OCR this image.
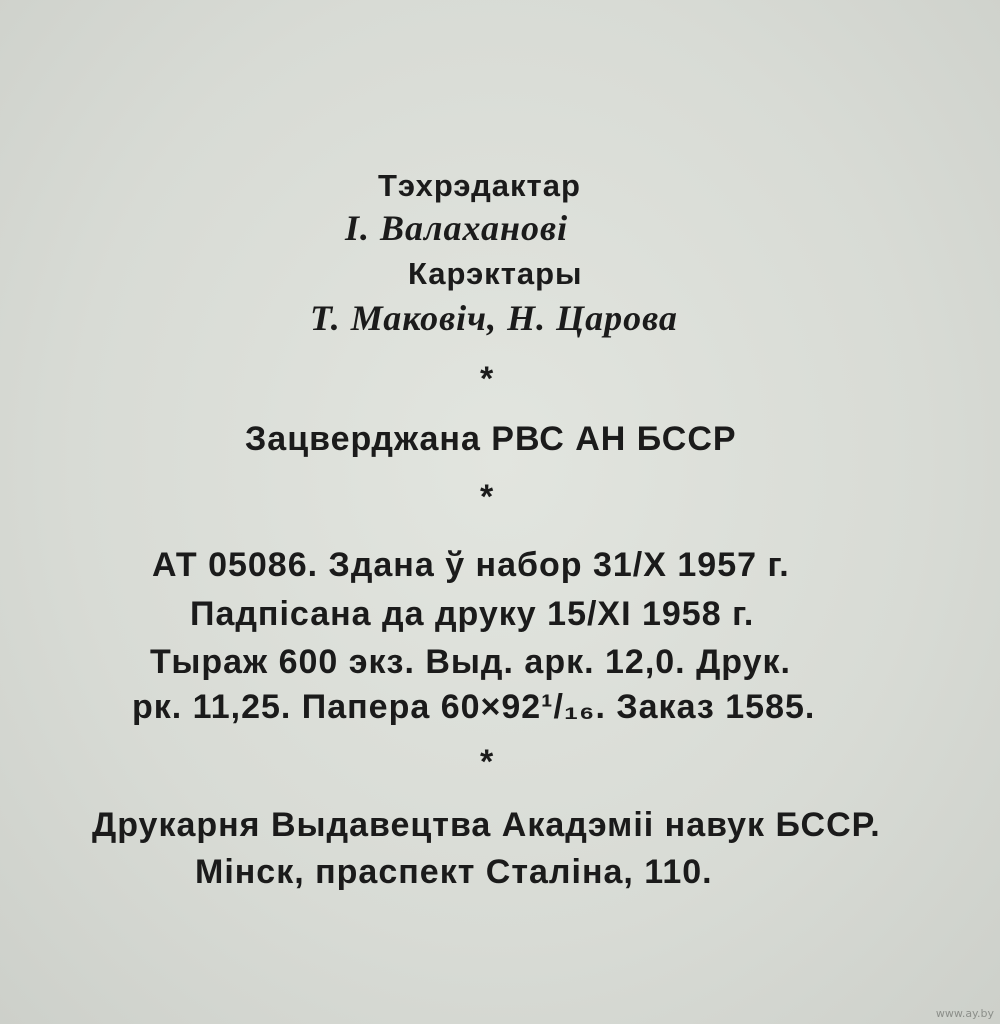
Тэхрэдактар
І. Валаханові
Карэктары
Т. Маковіч, Н. Царова
*
Зацверджана РВС АН БССР
*
АТ 05086. Здана ў набор 31/X 1957 г.
Падпісана да друку 15/XI 1958 г.
Тыраж 600 экз. Выд. арк. 12,0. Друк.
рк. 11,25. Папера 60×92¹/₁₆. Заказ 1585.
*
Друкарня Выдавецтва Акадэміі навук БССР.
Мінск, праспект Сталіна, 110.
www.ay.by
